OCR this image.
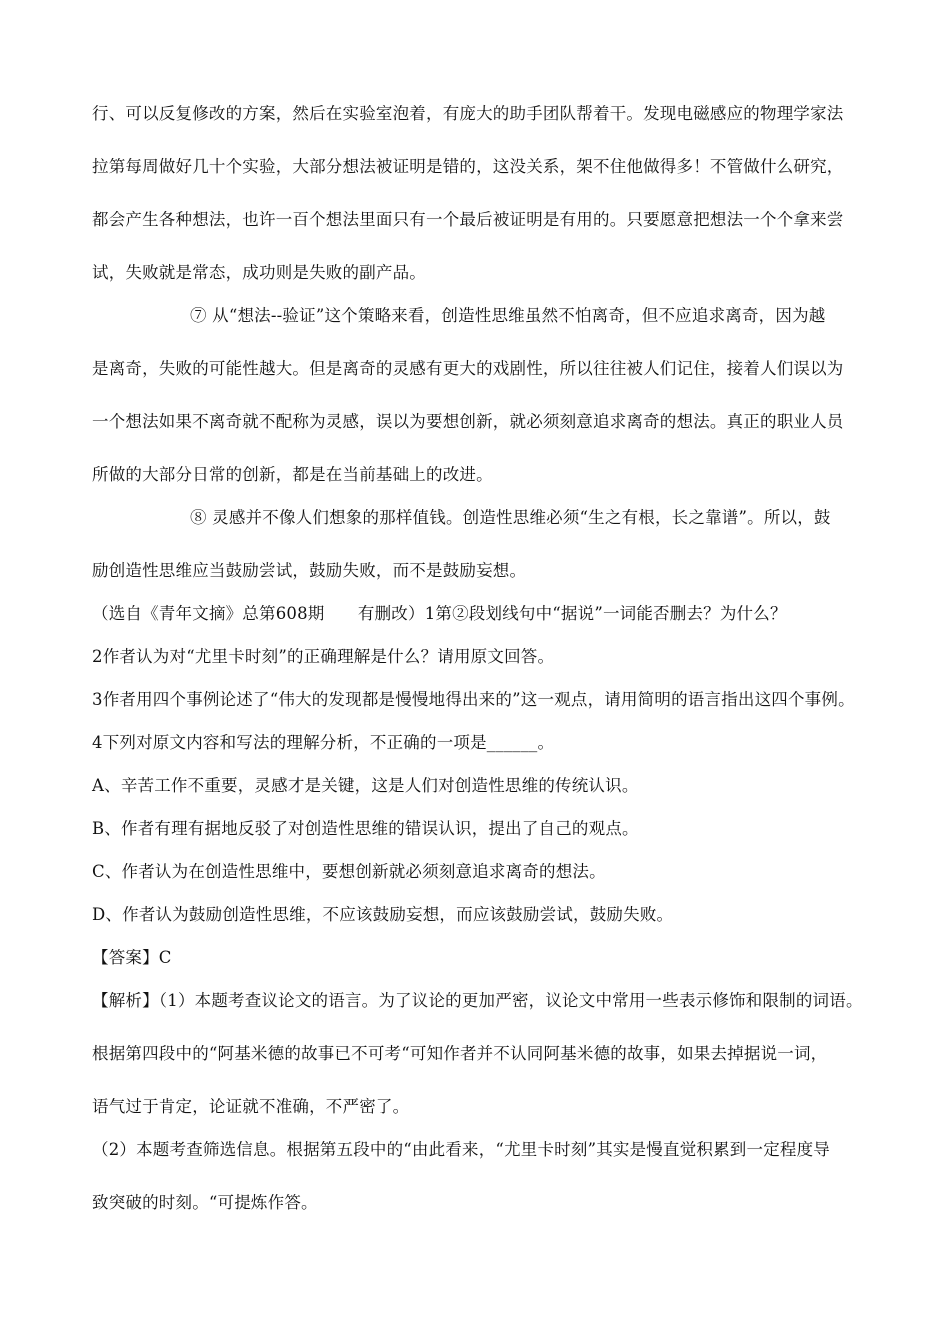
行、可以反复修改的方案，然后在实验室泡着，有庞大的助手团队帮着干。发现电磁感应的物理学家法
拉第每周做好几十个实验，大部分想法被证明是错的，这没关系，架不住他做得多！不管做什么研究，
都会产生各种想法，也许一百个想法里面只有一个最后被证明是有用的。只要愿意把想法一个个拿来尝
试，失败就是常态，成功则是失败的副产品。
⑦ 从“想法--验证”这个策略来看，创造性思维虽然不怕离奇，但不应追求离奇，因为越
是离奇，失败的可能性越大。但是离奇的灵感有更大的戏剧性，所以往往被人们记住，接着人们误以为
一个想法如果不离奇就不配称为灵感，误以为要想创新，就必须刻意追求离奇的想法。真正的职业人员
所做的大部分日常的创新，都是在当前基础上的改进。
⑧ 灵感并不像人们想象的那样值钱。创造性思维必须“生之有根，长之靠谱”。所以，鼓
励创造性思维应当鼓励尝试，鼓励失败，而不是鼓励妄想。
（选自《青年文摘》总第608期　　有删改）1第②段划线句中“据说”一词能否删去？为什么？
2作者认为对“尤里卡时刻”的正确理解是什么？请用原文回答。
3作者用四个事例论述了“伟大的发现都是慢慢地得出来的”这一观点，请用简明的语言指出这四个事例。
4下列对原文内容和写法的理解分析，不正确的一项是______。
A、辛苦工作不重要，灵感才是关键，这是人们对创造性思维的传统认识。
B、作者有理有据地反驳了对创造性思维的错误认识，提出了自己的观点。
C、作者认为在创造性思维中，要想创新就必须刻意追求离奇的想法。
D、作者认为鼓励创造性思维，不应该鼓励妄想，而应该鼓励尝试，鼓励失败。
【答案】C
【解析】（1）本题考查议论文的语言。为了议论的更加严密，议论文中常用一些表示修饰和限制的词语。
根据第四段中的“阿基米德的故事已不可考“可知作者并不认同阿基米德的故事，如果去掉据说一词，
语气过于肯定，论证就不准确，不严密了。
（2）本题考查筛选信息。根据第五段中的“由此看来，“尤里卡时刻”其实是慢直觉积累到一定程度导
致突破的时刻。“可提炼作答。
